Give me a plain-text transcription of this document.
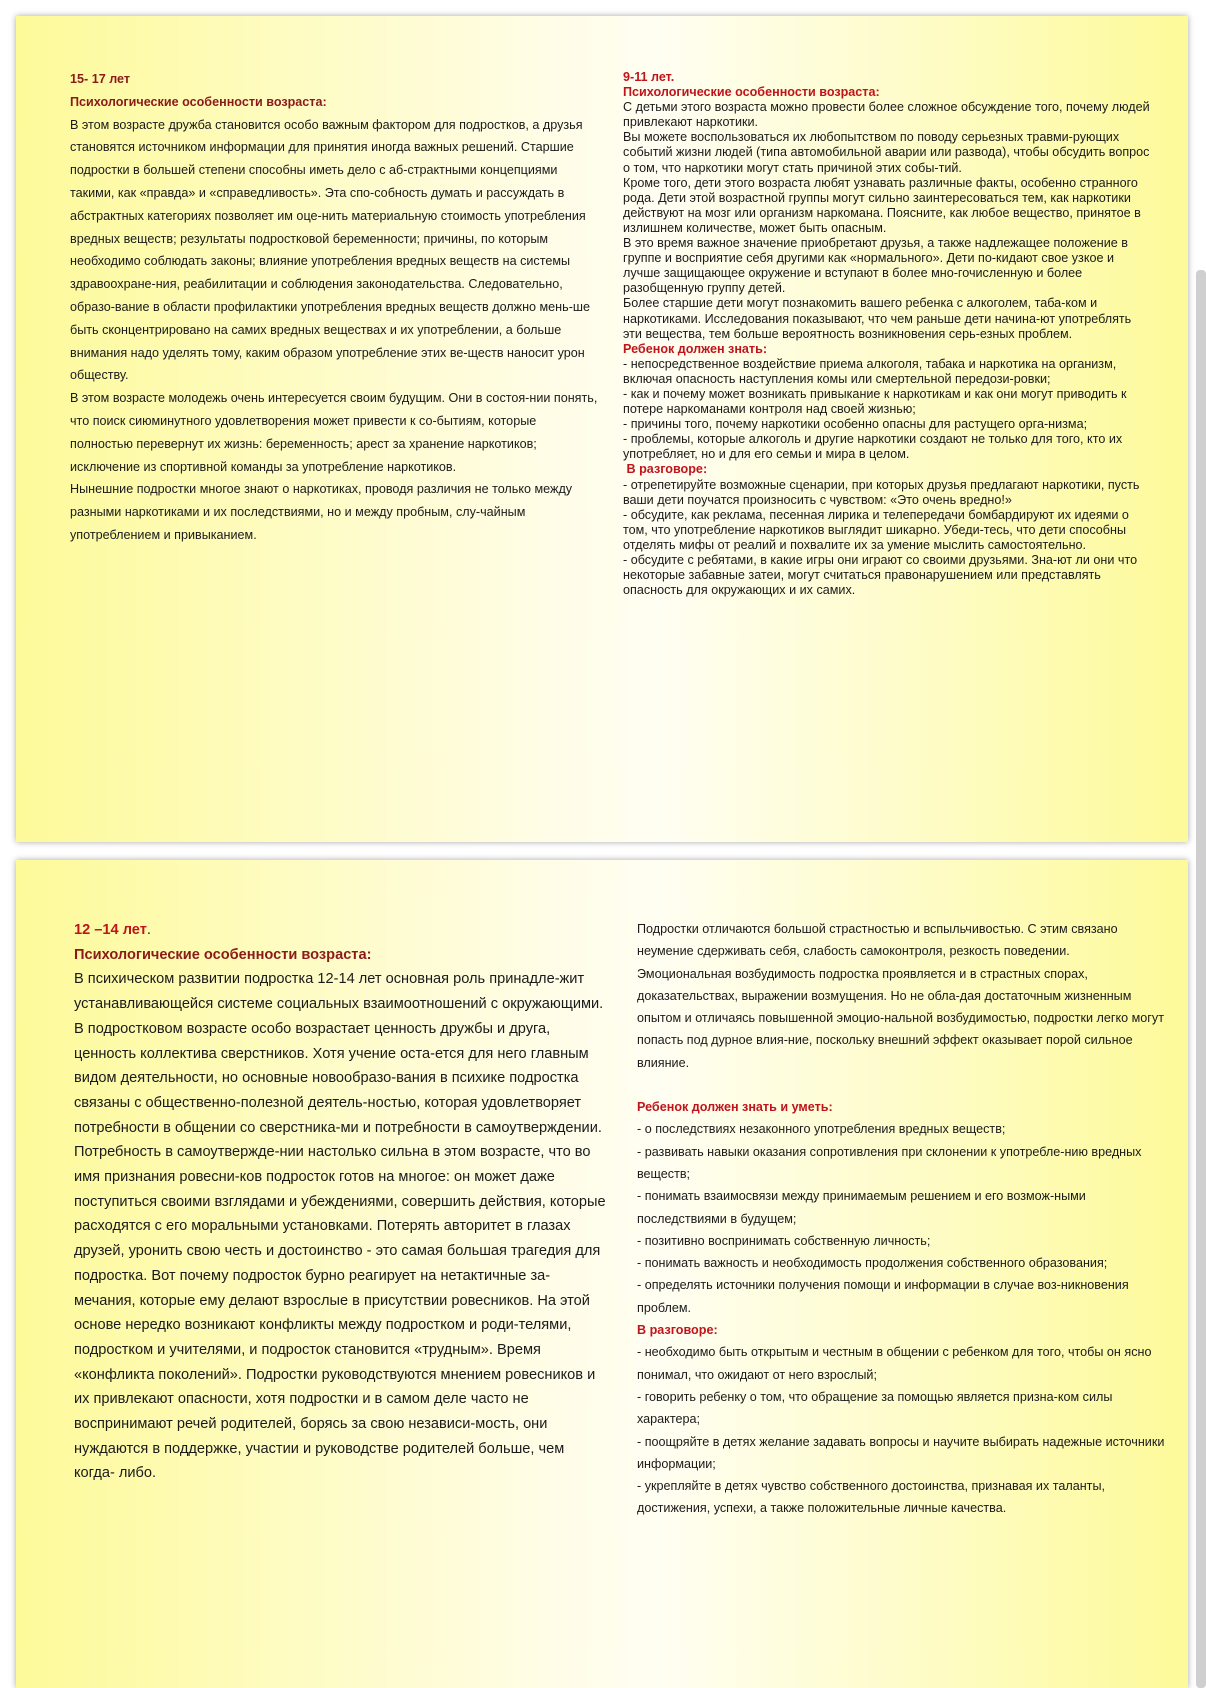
15- 17 лет

Психологические особенности возраста:

В этом возрасте дружба становится особо важным фактором для подростков, а друзья становятся источником информации для принятия иногда важных решений. Старшие подростки в большей степени способны иметь дело с аб-страктными концепциями такими, как «правда» и «справедливость». Эта спо-собность думать и рассуждать в абстрактных категориях позволяет им оце-нить материальную стоимость употребления вредных веществ; результаты подростковой беременности; причины, по которым необходимо соблюдать законы; влияние употребления вредных веществ на системы здравоохране-ния, реабилитации и соблюдения законодательства. Следовательно, образо-вание в области профилактики употребления вредных веществ должно мень-ше быть сконцентрировано на самих вредных веществах и их употреблении, а больше внимания надо уделять тому, каким образом употребление этих ве-ществ наносит урон обществу.

В этом возрасте молодежь очень интересуется своим будущим. Они в состоя-нии понять, что поиск сиюминутного удовлетворения может привести к со-бытиям, которые полностью перевернут их жизнь: беременность; арест за хранение наркотиков; исключение из спортивной команды за употребление наркотиков.

Нынешние подростки многое знают о наркотиках, проводя различия не только между разными наркотиками и их последствиями, но и между пробным, слу-чайным употреблением и привыканием.

9-11 лет.

Психологические особенности возраста:

С детьми этого возраста можно провести более сложное обсуждение того, почему людей привлекают наркотики.

Вы можете воспользоваться их любопытством по поводу серьезных травми-рующих событий жизни людей (типа автомобильной аварии или развода), чтобы обсудить вопрос о том, что наркотики могут стать причиной этих собы-тий.

Кроме того, дети этого возраста любят узнавать различные факты, особенно странного рода. Дети этой возрастной группы могут сильно заинтересоваться тем, как наркотики действуют на мозг или организм наркомана. Поясните, как любое вещество, принятое в излишнем количестве, может быть опасным.

В это время важное значение приобретают друзья, а также надлежащее положение в группе и восприятие себя другими как «нормального». Дети по-кидают свое узкое и лучше защищающее окружение и вступают в более мно-гочисленную и более разобщенную группу детей.

Более старшие дети могут познакомить вашего ребенка с алкоголем, таба-ком и наркотиками. Исследования показывают, что чем раньше дети начина-ют употреблять эти вещества, тем больше вероятность возникновения серь-езных проблем.

Ребенок должен знать:

- непосредственное воздействие приема алкоголя, табака и наркотика на организм, включая опасность наступления комы или смертельной передози-ровки;

- как и почему может возникать привыкание к наркотикам и как они могут приводить к потере наркоманами контроля над своей жизнью;

- причины того, почему наркотики особенно опасны для растущего орга-низма;

- проблемы, которые алкоголь и другие наркотики создают не только для того, кто их употребляет, но и для его семьи и мира в целом.

В разговоре:

- отрепетируйте возможные сценарии, при которых друзья предлагают наркотики, пусть ваши дети поучатся произносить с чувством: «Это очень вредно!»

- обсудите, как реклама, песенная лирика и телепередачи бомбардируют их идеями о том, что употребление наркотиков выглядит шикарно. Убеди-тесь, что дети способны отделять мифы от реалий и похвалите их за умение мыслить самостоятельно.

- обсудите с ребятами, в какие игры они играют со своими друзьями. Зна-ют ли они что некоторые забавные затеи, могут считаться правонарушением или представлять опасность для окружающих и их самих.

12 –14 лет.

Психологические особенности возраста:

В психическом развитии подростка 12-14 лет основная роль принадле-жит устанавливающейся системе социальных взаимоотношений с окружающими. В подростковом возрасте особо возрастает ценность дружбы и друга, ценность коллектива сверстников. Хотя учение оста-ется для него главным видом деятельности, но основные новообразо-вания в психике подростка связаны с общественно-полезной деятель-ностью, которая удовлетворяет потребности в общении со сверстника-ми и потребности в самоутверждении. Потребность в самоутвержде-нии настолько сильна в этом возрасте, что во имя признания ровесни-ков подросток готов на многое: он может даже поступиться своими взглядами и убеждениями, совершить действия, которые расходятся с его моральными установками. Потерять авторитет в глазах друзей, уронить свою честь и достоинство - это самая большая трагедия для подростка. Вот почему подросток бурно реагирует на нетактичные за-мечания, которые ему делают взрослые в присутствии ровесников. На этой основе нередко возникают конфликты между подростком и роди-телями, подростком и учителями, и подросток становится «трудным». Время «конфликта поколений». Подростки руководствуются мнением ровесников и их привлекают опасности, хотя подростки и в самом деле часто не воспринимают речей родителей, борясь за свою независи-мость, они нуждаются в поддержке, участии и руководстве родителей больше, чем когда- либо.

Подростки отличаются большой страстностью и вспыльчивостью. С этим связано неумение сдерживать себя, слабость самоконтроля, резкость поведении. Эмоциональная возбудимость подростка проявляется и в страстных спорах, доказательствах, выражении возмущения. Но не обла-дая достаточным жизненным опытом и отличаясь повышенной эмоцио-нальной возбудимостью, подростки легко могут попасть под дурное влия-ние, поскольку внешний эффект оказывает порой сильное влияние.

Ребенок должен знать и уметь:

- о последствиях незаконного употребления вредных веществ;

- развивать навыки оказания сопротивления при склонении к употребле-нию вредных веществ;

- понимать взаимосвязи между принимаемым решением и его возмож-ными последствиями в будущем;

- позитивно воспринимать собственную личность;

- понимать важность и необходимость продолжения собственного образования;

- определять источники получения помощи и информации в случае воз-никновения проблем.

В разговоре:

- необходимо быть открытым и честным в общении с ребенком для того, чтобы он ясно понимал, что ожидают от него взрослый;

- говорить ребенку о том, что обращение за помощью является призна-ком силы характера;

- поощряйте в детях желание задавать вопросы и научите выбирать надежные источники информации;

- укрепляйте в детях чувство собственного достоинства, признавая их таланты, достижения, успехи, а также положительные личные качества.
